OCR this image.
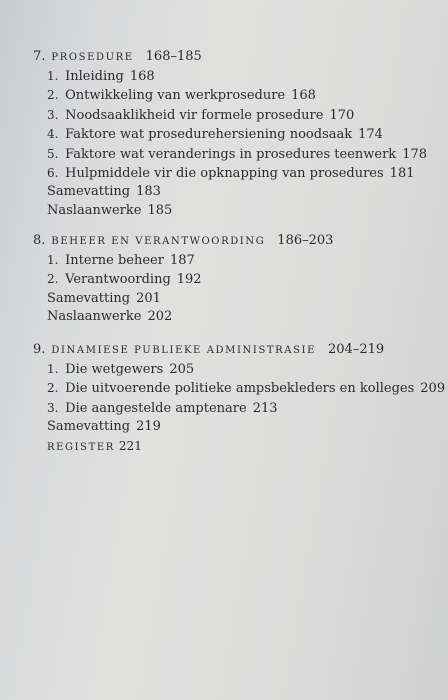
7. PROSEDURE 168–185
1. Inleiding 168
2. Ontwikkeling van werkprosedure 168
3. Noodsaaklikheid vir formele prosedure 170
4. Faktore wat prosedurehersiening noodsaak 174
5. Faktore wat veranderings in prosedures teenwerk 178
6. Hulpmiddele vir die opknapping van prosedures 181
Samevatting 183
Naslaanwerke 185
8. BEHEER EN VERANTWOORDING 186–203
1. Interne beheer 187
2. Verantwoording 192
Samevatting 201
Naslaanwerke 202
9. DINAMIESE PUBLIEKE ADMINISTRASIE 204–219
1. Die wetgewers 205
2. Die uitvoerende politieke ampsbekleders en kolleges 209
3. Die aangestelde amptenare 213
Samevatting 219
REGISTER 221
